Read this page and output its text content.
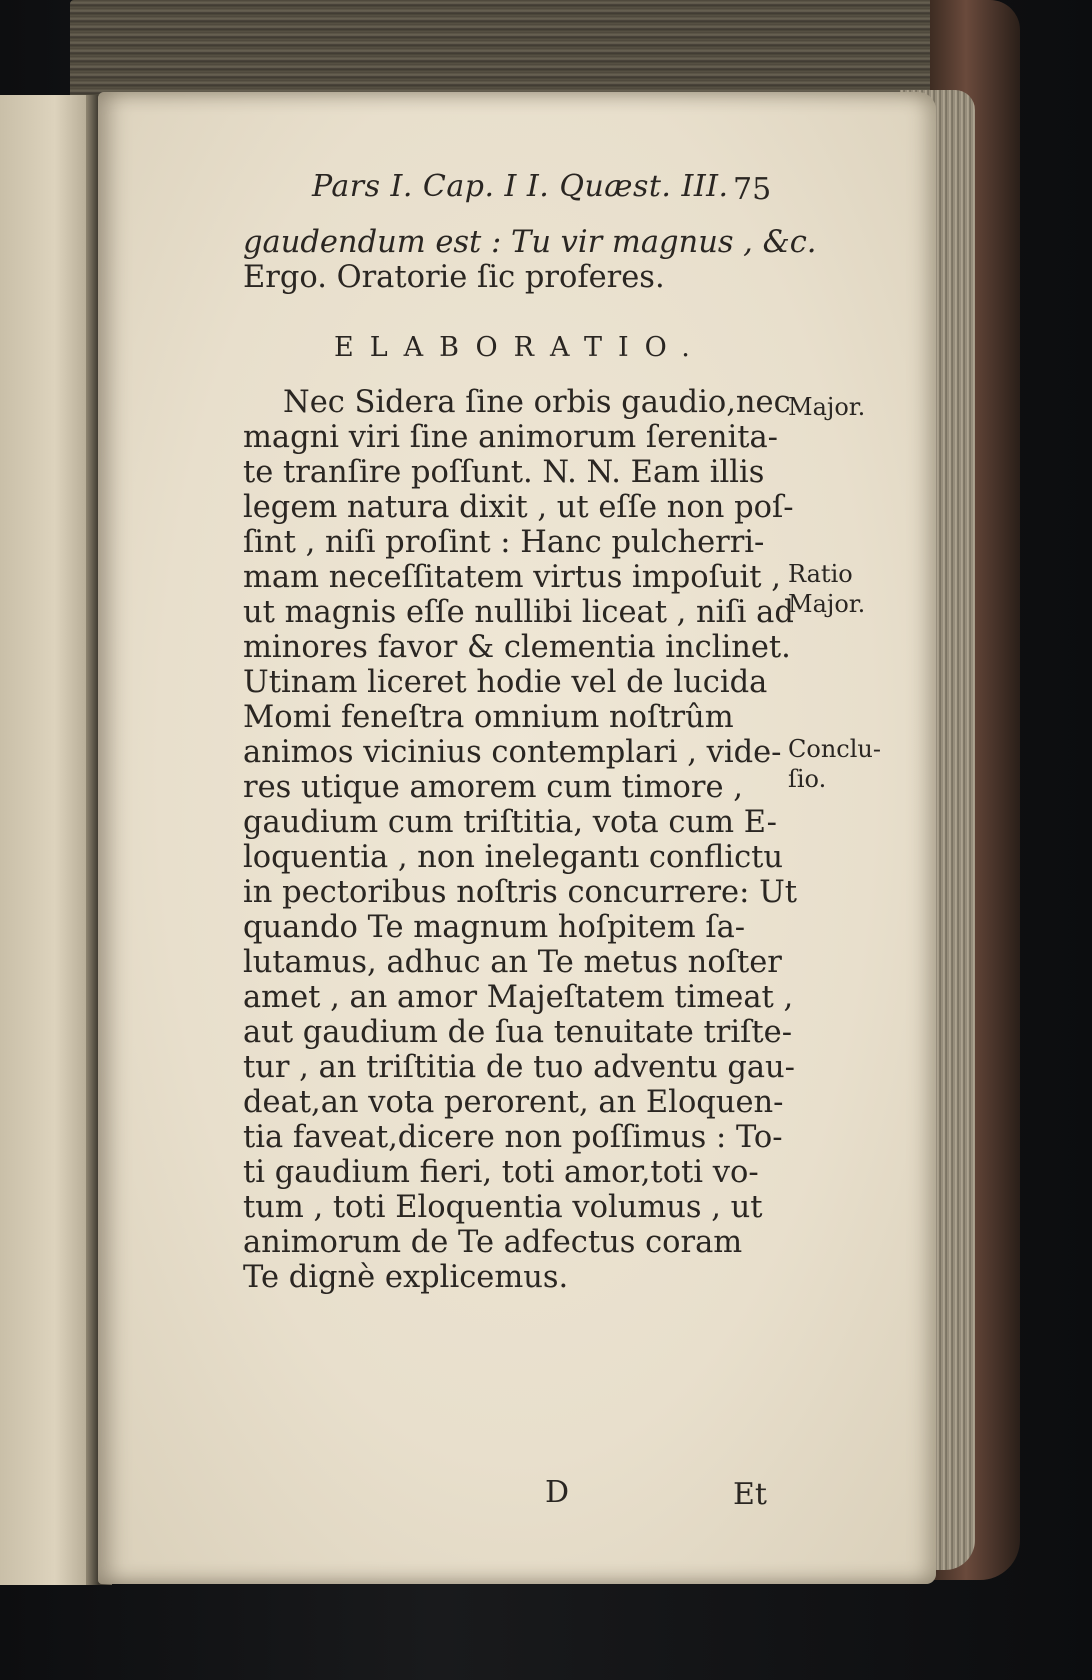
Pars I. Cap. I I. Quæst. III. 75

gaudendum est : Tu vir magnus , &c.

Ergo. Oratorie ſic proferes.

ELABORATIO.

Nec Sidera ſine orbis gaudio,nec

magni viri ſine animorum ſerenita-

te tranſire poſſunt. N. N. Eam illis

legem natura dixit , ut eſſe non poſ-

ſint , niſi proſint : Hanc pulcherri-

mam neceſſitatem virtus impoſuit ,

ut magnis eſſe nullibi liceat , niſi ad

minores favor & clementia inclinet.

Utinam liceret hodie vel de lucida

Momi feneſtra omnium noſtrûm

animos vicinius contemplari , vide-

res utique amorem cum timore ,

gaudium cum triſtitia, vota cum E-

loquentia , non inelegantı conflictu

in pectoribus noſtris concurrere: Ut

quando Te magnum hoſpitem ſa-

lutamus, adhuc an Te metus noſter

amet , an amor Majeſtatem timeat ,

aut gaudium de ſua tenuitate triſte-

tur , an triſtitia de tuo adventu gau-

deat,an vota perorent, an Eloquen-

tia faveat,dicere non poſſimus : To-

ti gaudium fieri, toti amor,toti vo-

tum , toti Eloquentia volumus , ut

animorum de Te adfectus coram

Te dignè explicemus.

Major.

Ratio

Major.

Conclu-

ſio.

D	Et
